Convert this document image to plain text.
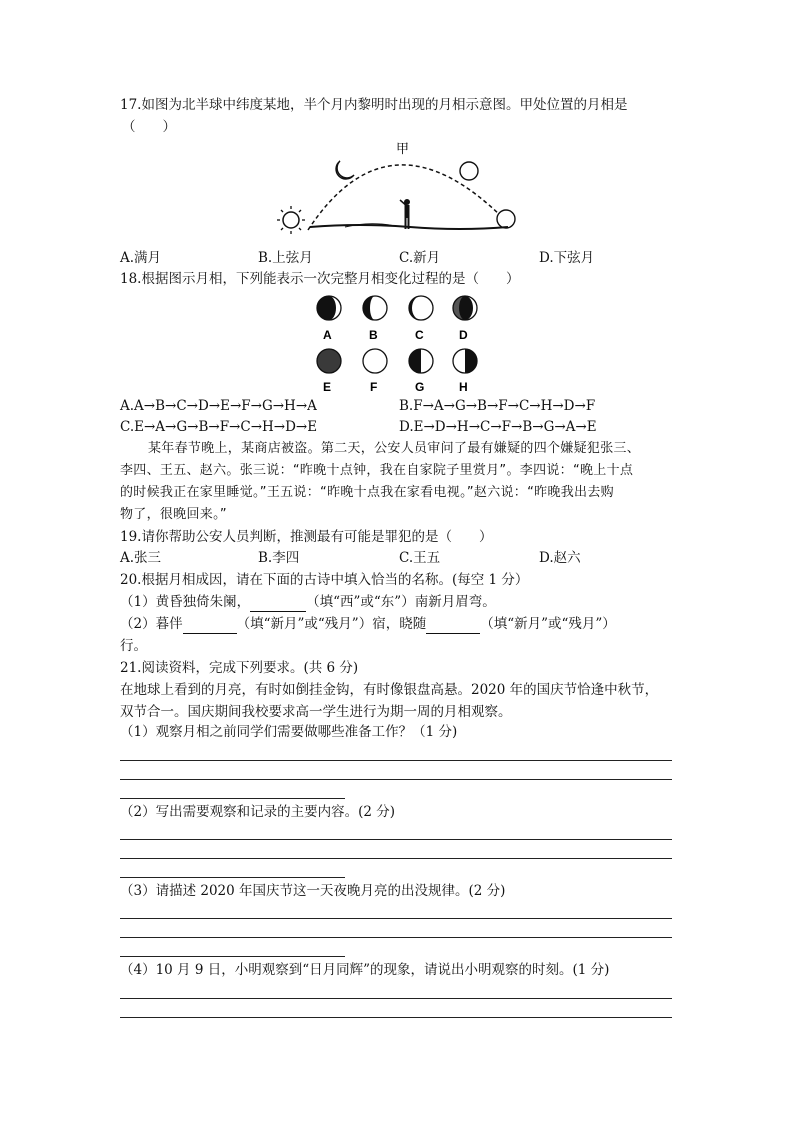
17.如图为北半球中纬度某地，半个月内黎明时出现的月相示意图。甲处位置的月相是
（　　）
甲
A.满月	B.上弦月	C.新月	D.下弦月
18.根据图示月相，下列能表示一次完整月相变化过程的是（　　）
A	B	C	D
E	F	G	H
A.A→B→C→D→E→F→G→H→A	B.F→A→G→B→F→C→H→D→F
C.E→A→G→B→F→C→H→D→E	D.E→D→H→C→F→B→G→A→E
某年春节晚上，某商店被盗。第二天，公安人员审问了最有嫌疑的四个嫌疑犯张三、
李四、王五、赵六。张三说：“昨晚十点钟，我在自家院子里赏月”。李四说：“晚上十点
的时候我正在家里睡觉。”王五说：“昨晚十点我在家看电视。”赵六说：“昨晚我出去购
物了，很晚回来。”
19.请你帮助公安人员判断，推测最有可能是罪犯的是（　　）
A.张三	B.李四	C.王五	D.赵六
20.根据月相成因，请在下面的古诗中填入恰当的名称。(每空 1 分）
（1）黄昏独倚朱阑，	（填“西”或“东”）南新月眉弯。
（2）暮伴	（填“新月”或“残月”）宿，晓随	（填“新月”或“残月”）
行。
21.阅读资料，完成下列要求。(共 6 分)
在地球上看到的月亮，有时如倒挂金钩，有时像银盘高悬。2020 年的国庆节恰逢中秋节，
双节合一。国庆期间我校要求高一学生进行为期一周的月相观察。
（1）观察月相之前同学们需要做哪些准备工作？（1 分)
（2）写出需要观察和记录的主要内容。(2 分)
（3）请描述 2020 年国庆节这一天夜晚月亮的出没规律。(2 分)
（4）10 月 9 日，小明观察到“日月同辉”的现象，请说出小明观察的时刻。(1 分)
